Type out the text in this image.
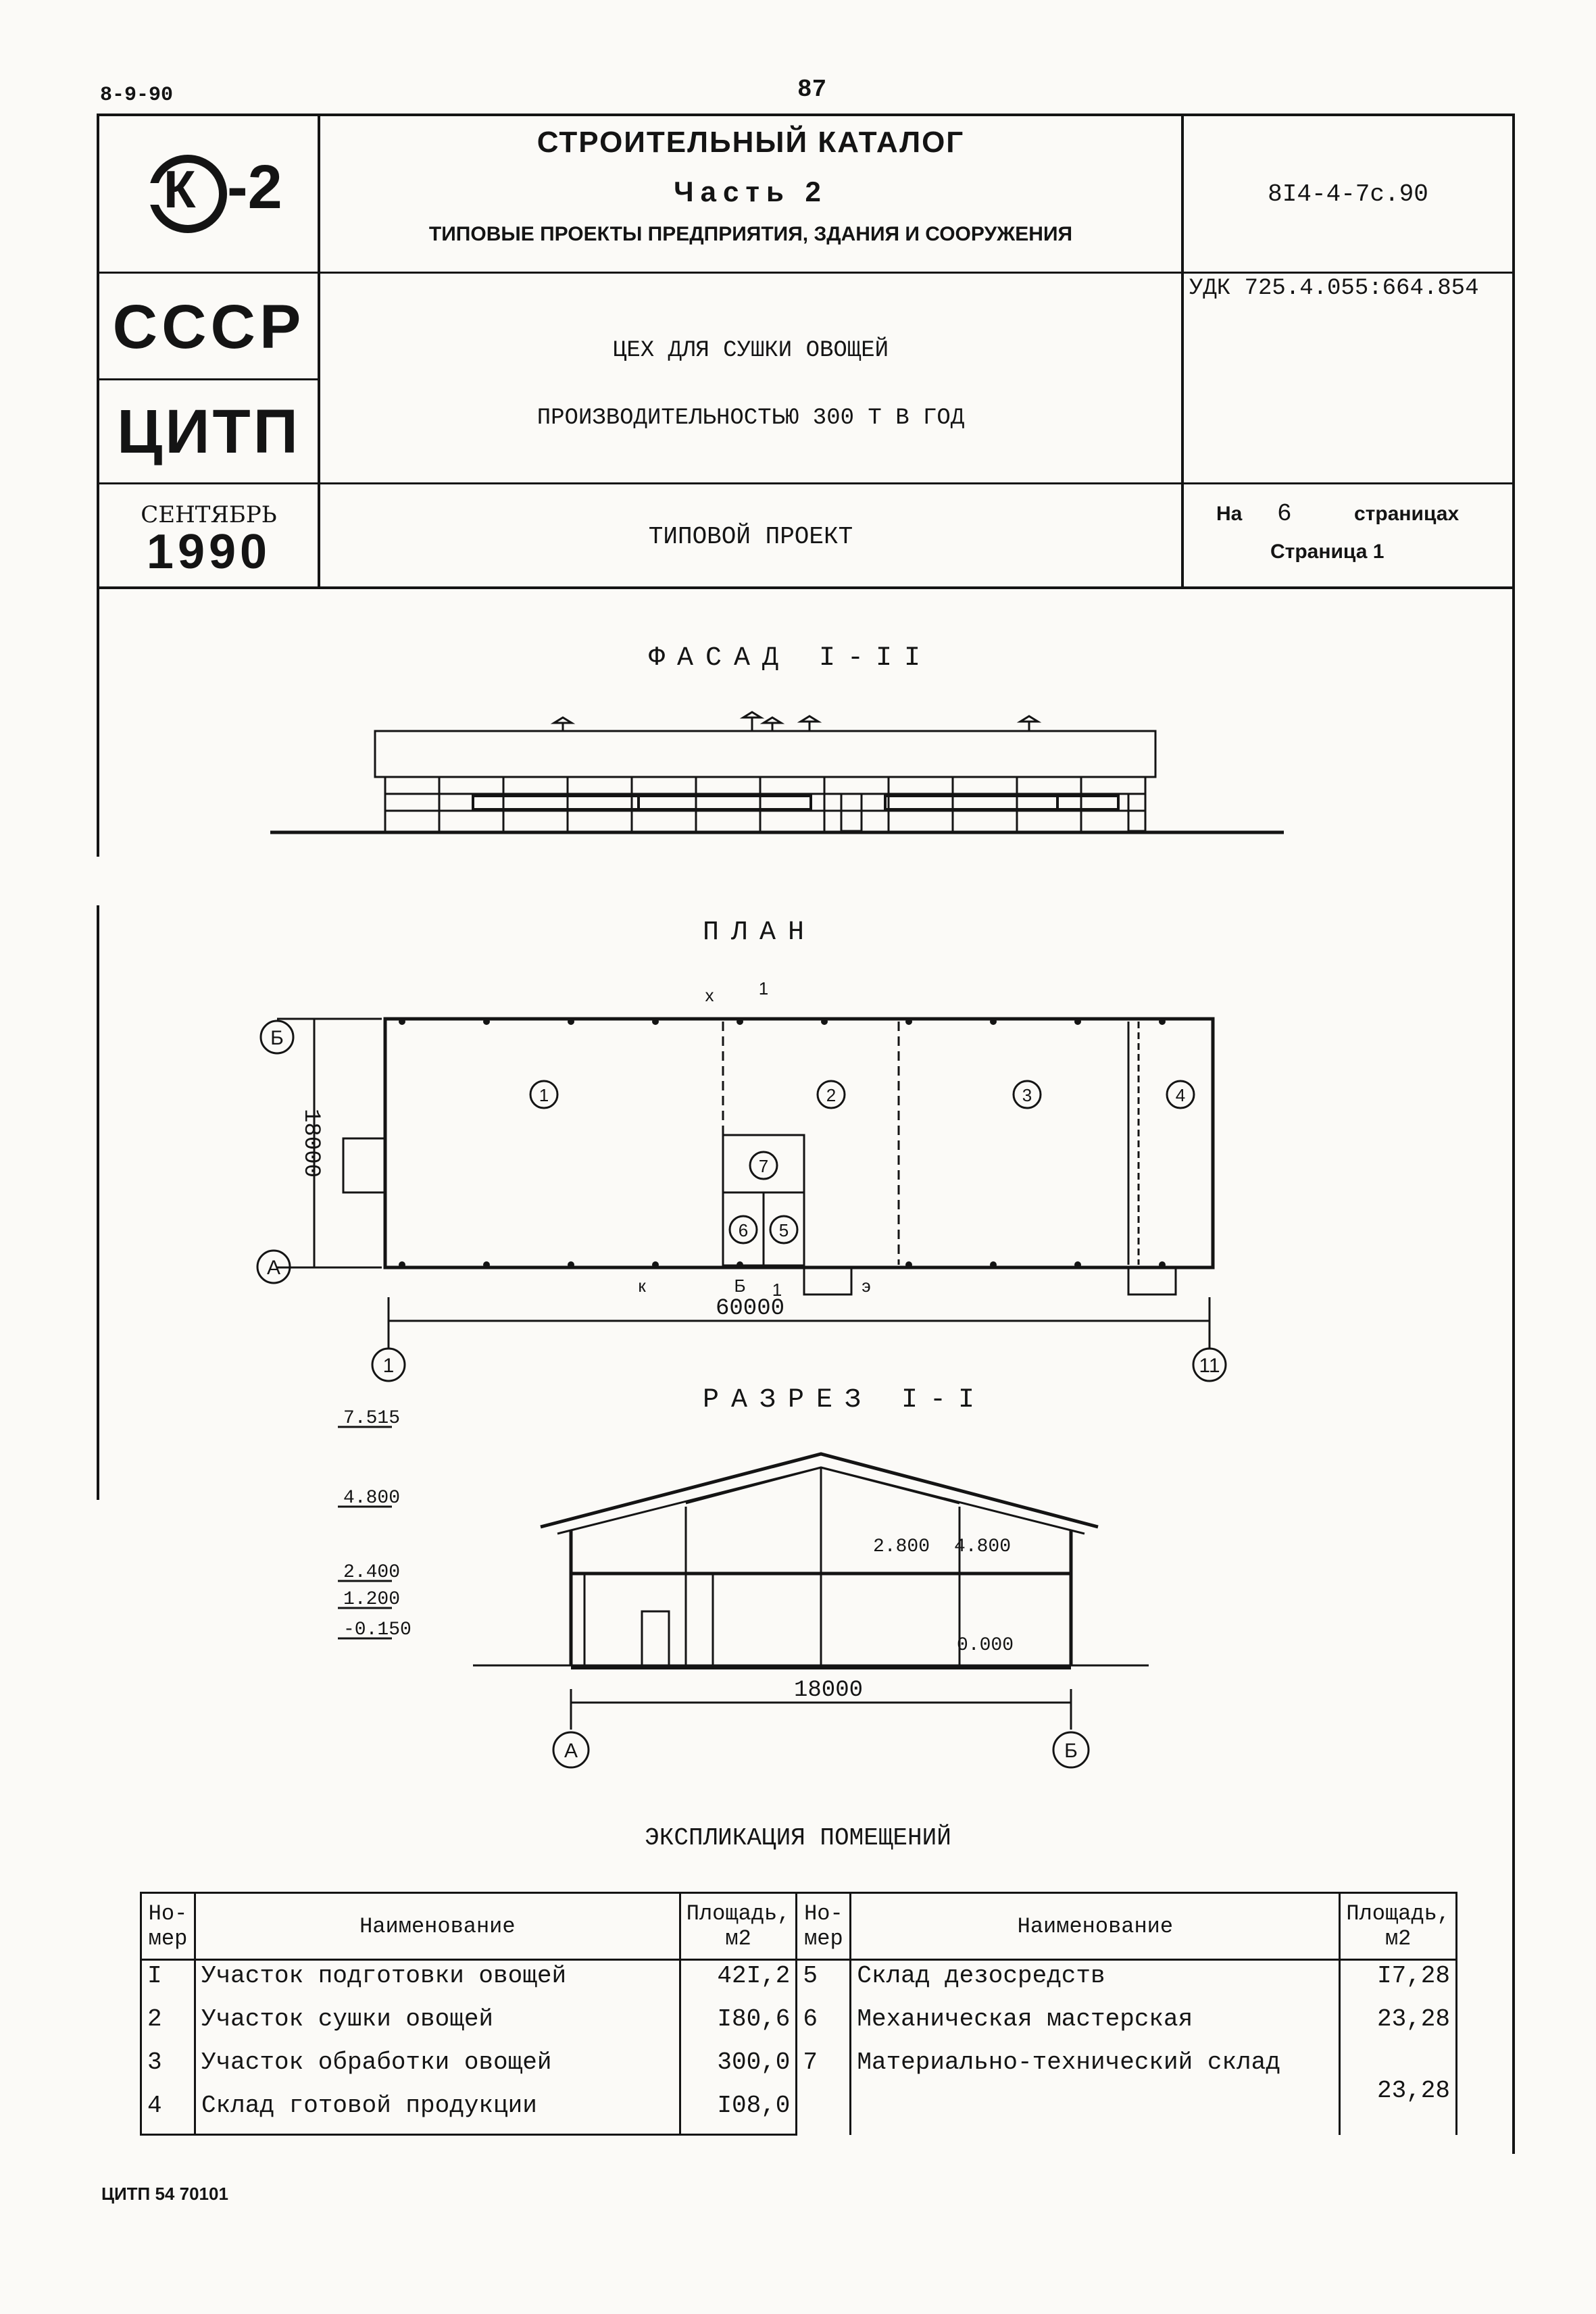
8-9-90	87
К -2
СССР
ЦИТП
СЕНТЯБРЬ
1990
СТРОИТЕЛЬНЫЙ КАТАЛОГ
Часть 2
ТИПОВЫЕ ПРОЕКТЫ ПРЕДПРИЯТИЯ, ЗДАНИЯ И СООРУЖЕНИЯ
8I4-4-7с.90
УДК 725.4.055:664.854
ЦЕХ ДЛЯ СУШКИ ОВОЩЕЙ
ПРОИЗВОДИТЕЛЬНОСТЬЮ 300 Т В ГОД
ТИПОВОЙ ПРОЕКТ
На 6	страницах
Страница 1
ФАСАД I-II
ПЛАН
Б
А
1	11
1	2	3	4
5
6
7
60000
x	1
к	Б	э
1
18000
РАЗРЕЗ I-I
7.515
4.800
2.400
1.200
-0.150
2.800 4.800
0.000
18000
А	Б
ЭКСПЛИКАЦИЯ ПОМЕЩЕНИЙ
Но-мер	Наименование	Площадь, м2	Но-мер	Наименование	Площадь, м2
I	Участок подготовки овощей	42I,2	5	Склад дезосредств	I7,28
2	Участок сушки овощей	I80,6	6	Механическая мастерская	23,28
3	Участок обработки овощей	300,0	7	Материально-технический склад	23,28
4	Склад готовой продукции	I08,0			
ЦИТП 54 70101
